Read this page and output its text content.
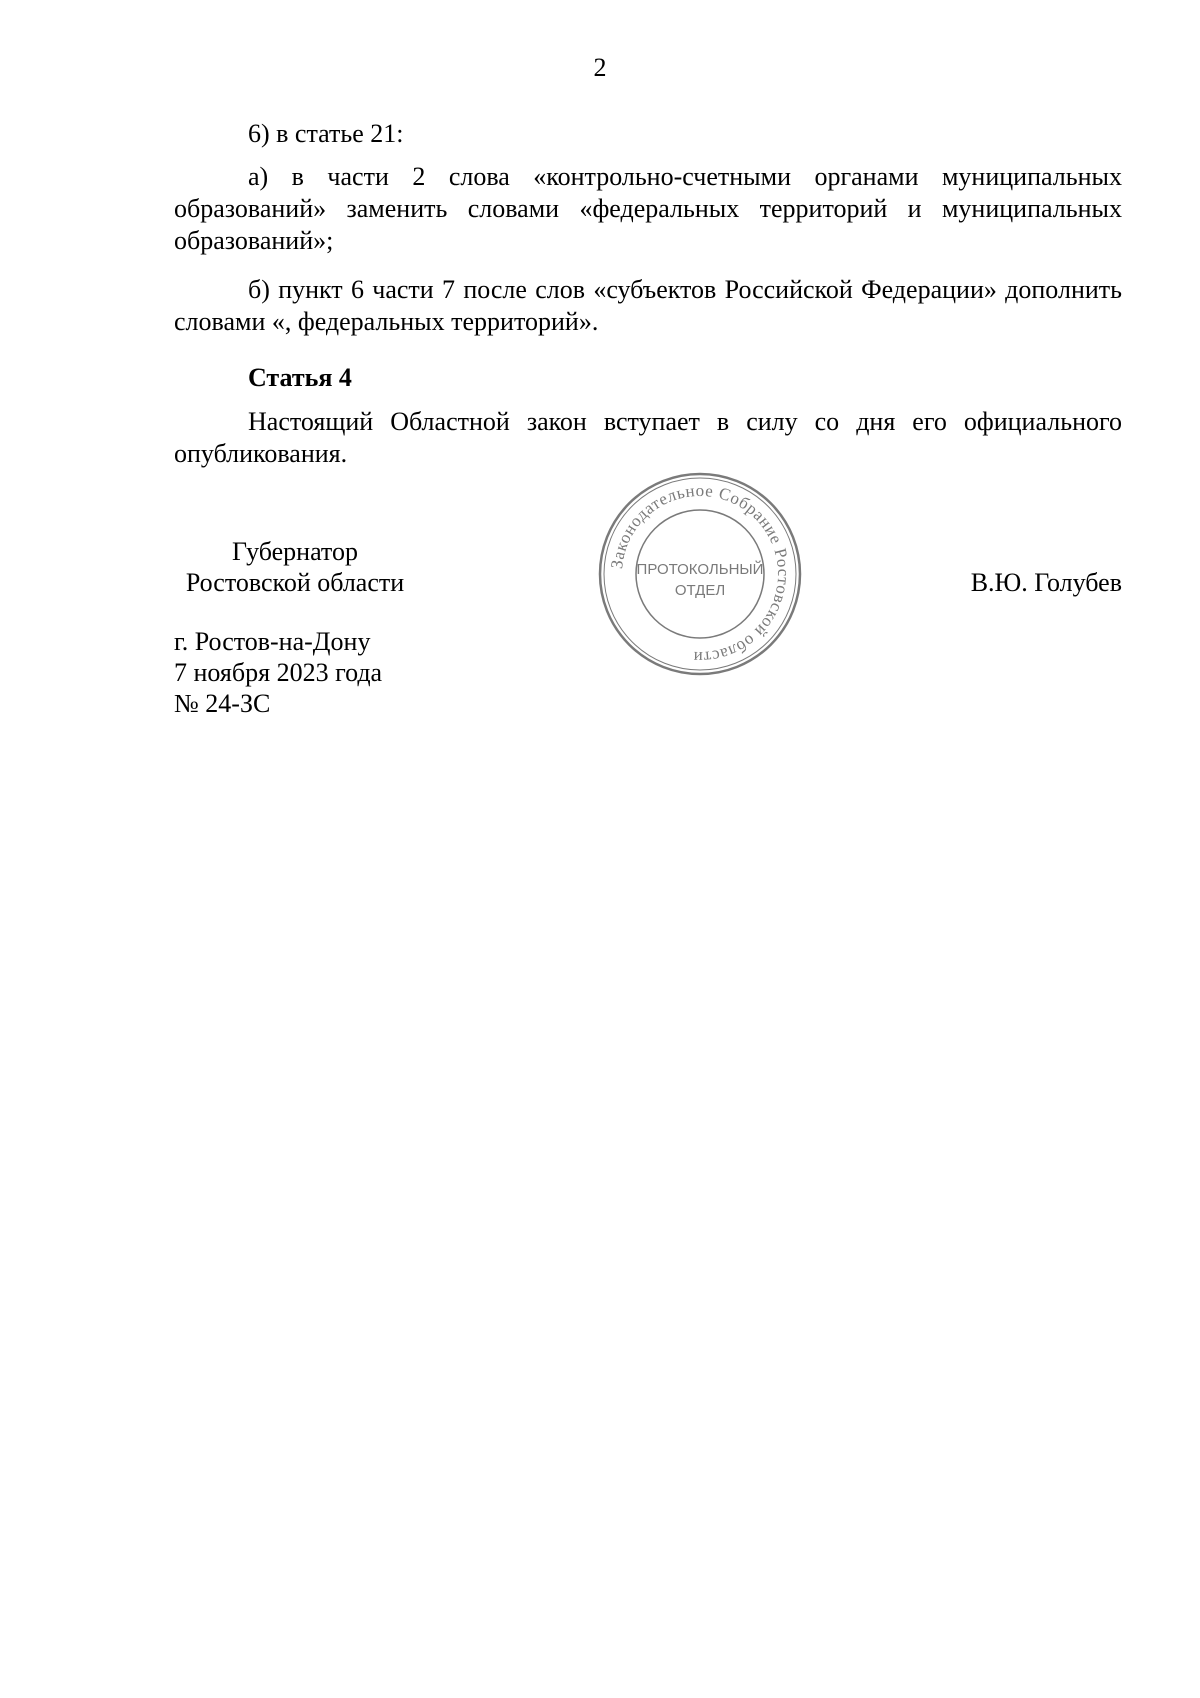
2

6) в статье 21:

а) в части 2 слова «контрольно-счетными органами муниципальных образований» заменить словами «федеральных территорий и муниципальных образований»;

б) пункт 6 части 7 после слов «субъектов Российской Федерации» дополнить словами «, федеральных территорий».

Статья 4

Настоящий Областной закон вступает в силу со дня его официального опубликования.

Губернатор
Ростовской области	В.Ю. Голубев
г. Ростов-на-Дону
7 ноября 2023 года
№ 24-ЗС
Законодательное Собрание Ростовской области
ПРОТОКОЛЬНЫЙ
ОТДЕЛ
